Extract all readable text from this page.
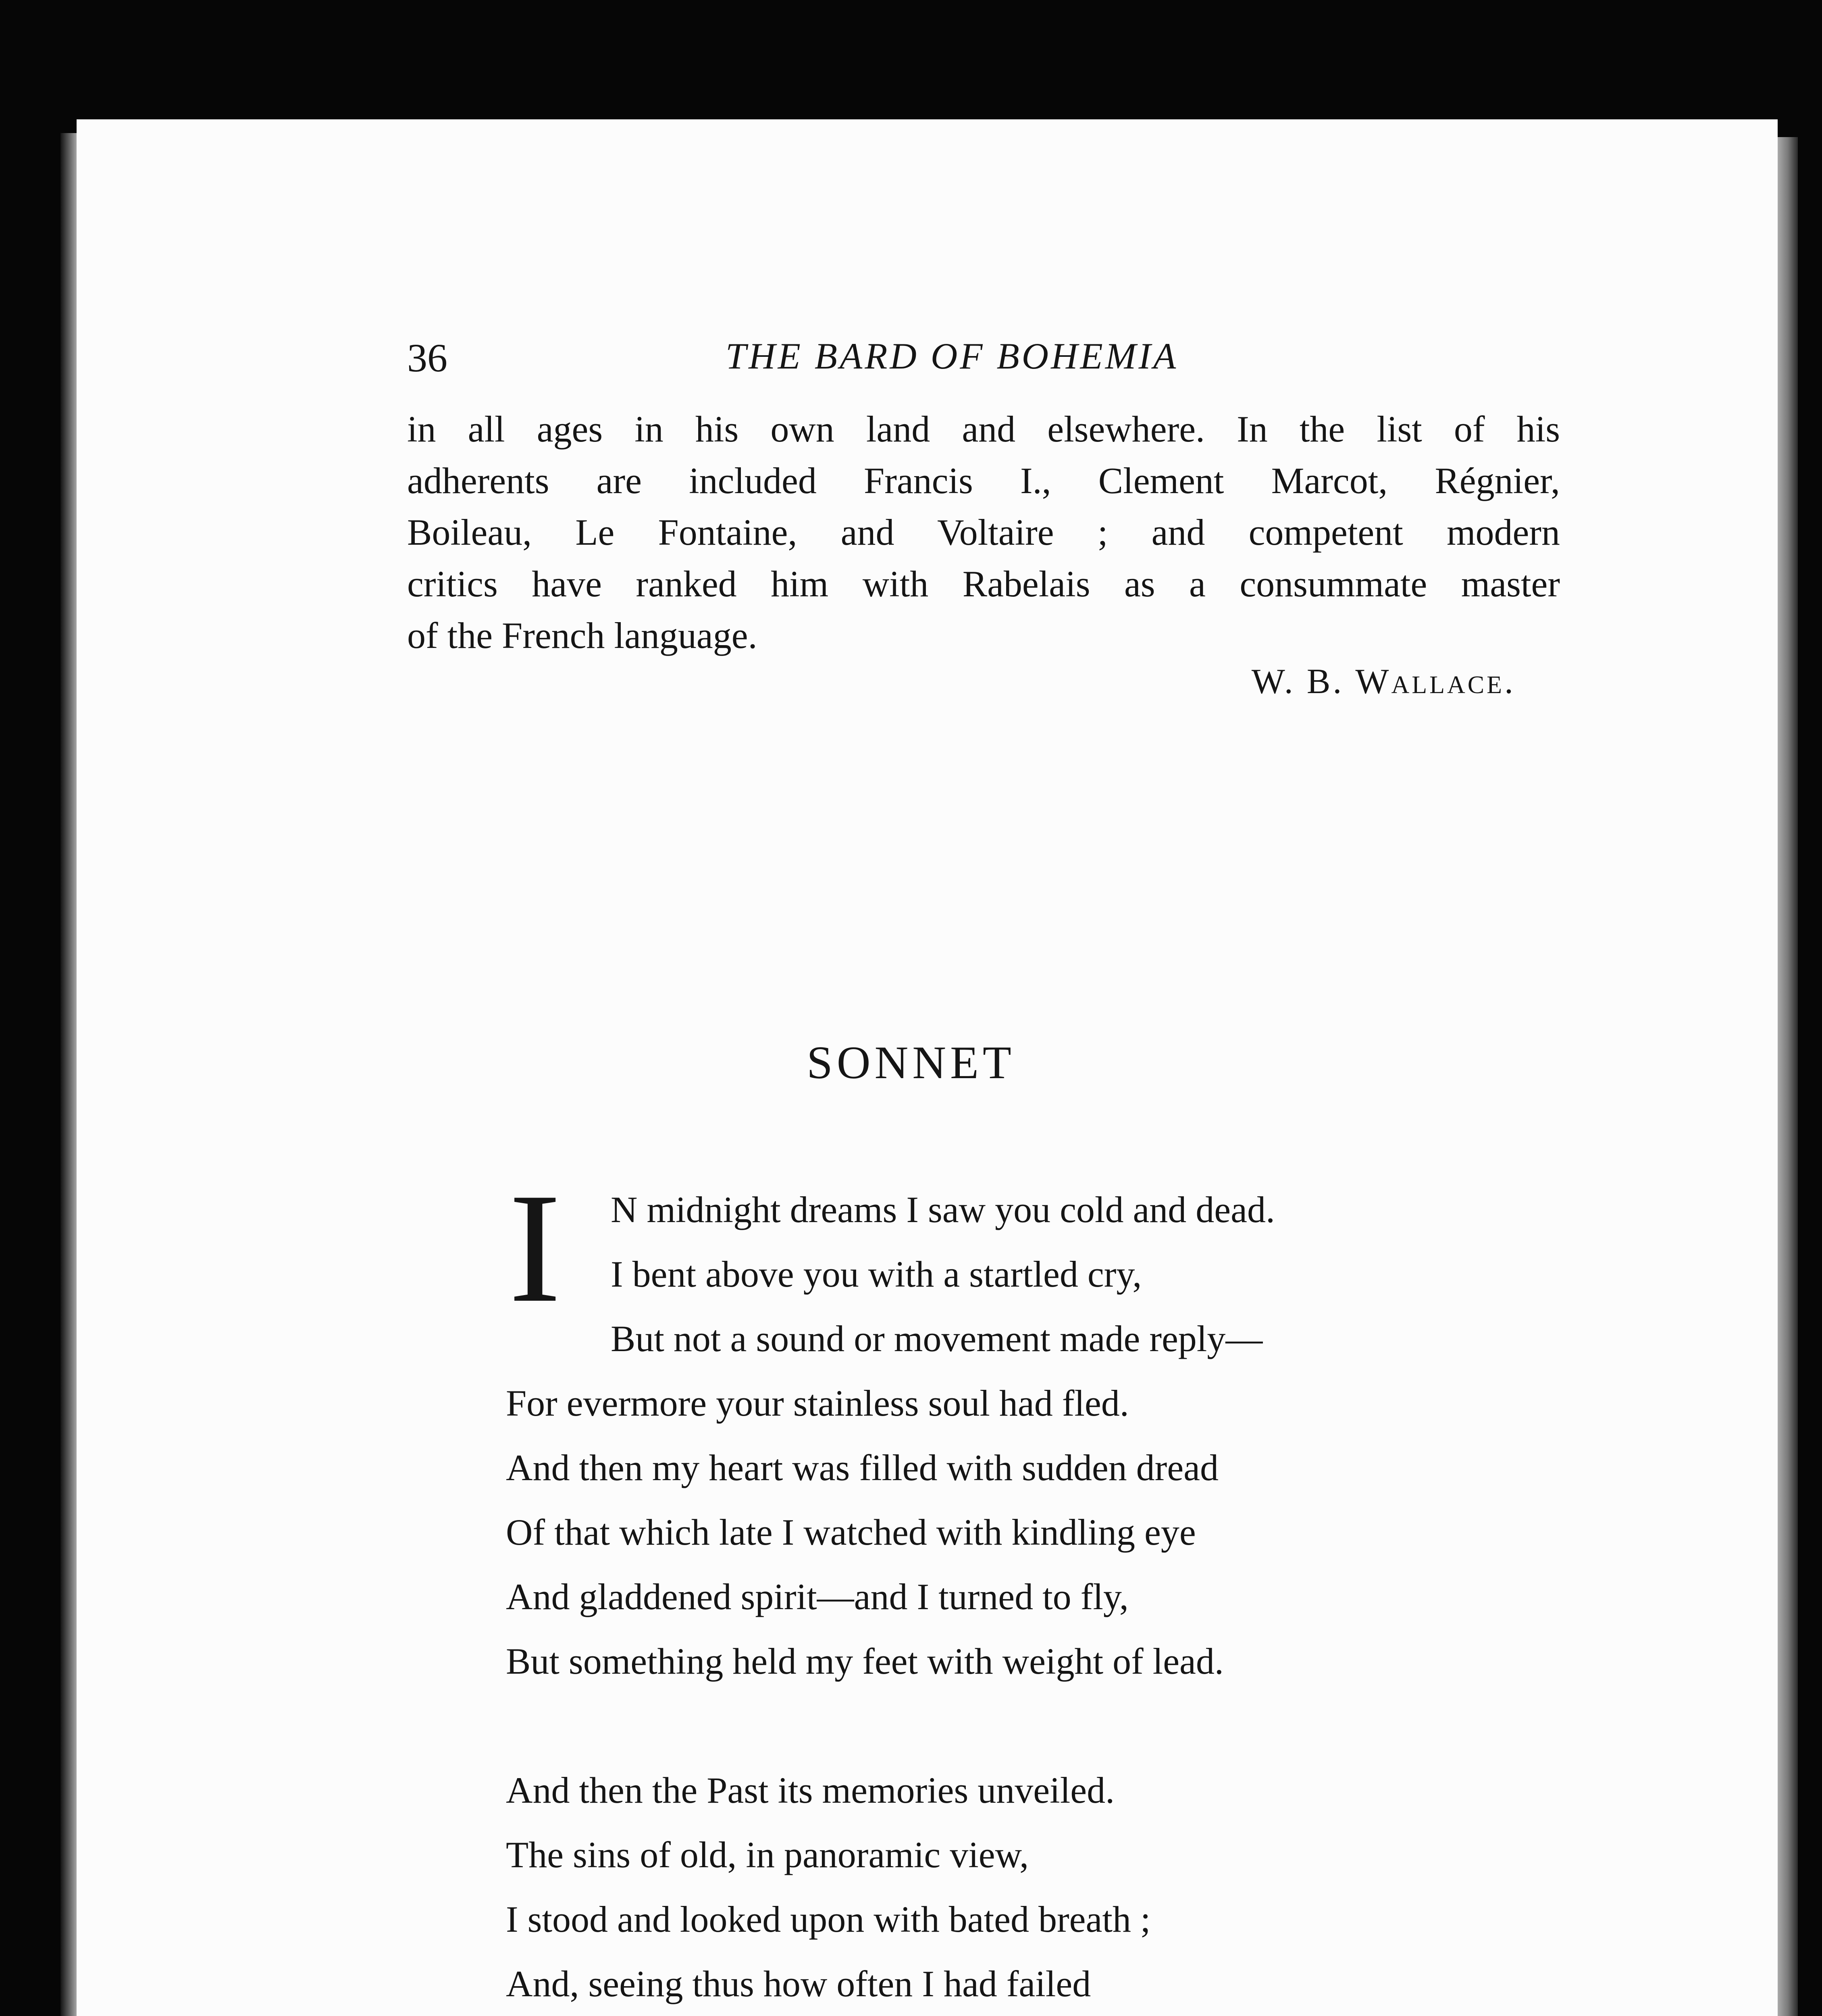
36	THE BARD OF BOHEMIA
in all ages in his own land and elsewhere. In the list of his
adherents are included Francis I., Clement Marcot, Régnier,
Boileau, Le Fontaine, and Voltaire ; and competent modern
critics have ranked him with Rabelais as a consummate master
of the French language.
W. B. Wallace.
SONNET
I	N midnight dreams I saw you cold and dead.
I bent above you with a startled cry,
But not a sound or movement made reply—
For evermore your stainless soul had fled.
And then my heart was filled with sudden dread
Of that which late I watched with kindling eye
And gladdened spirit—and I turned to fly,
But something held my feet with weight of lead.
And then the Past its memories unveiled.
The sins of old, in panoramic view,
I stood and looked upon with bated breath ;
And, seeing thus how often I had failed
